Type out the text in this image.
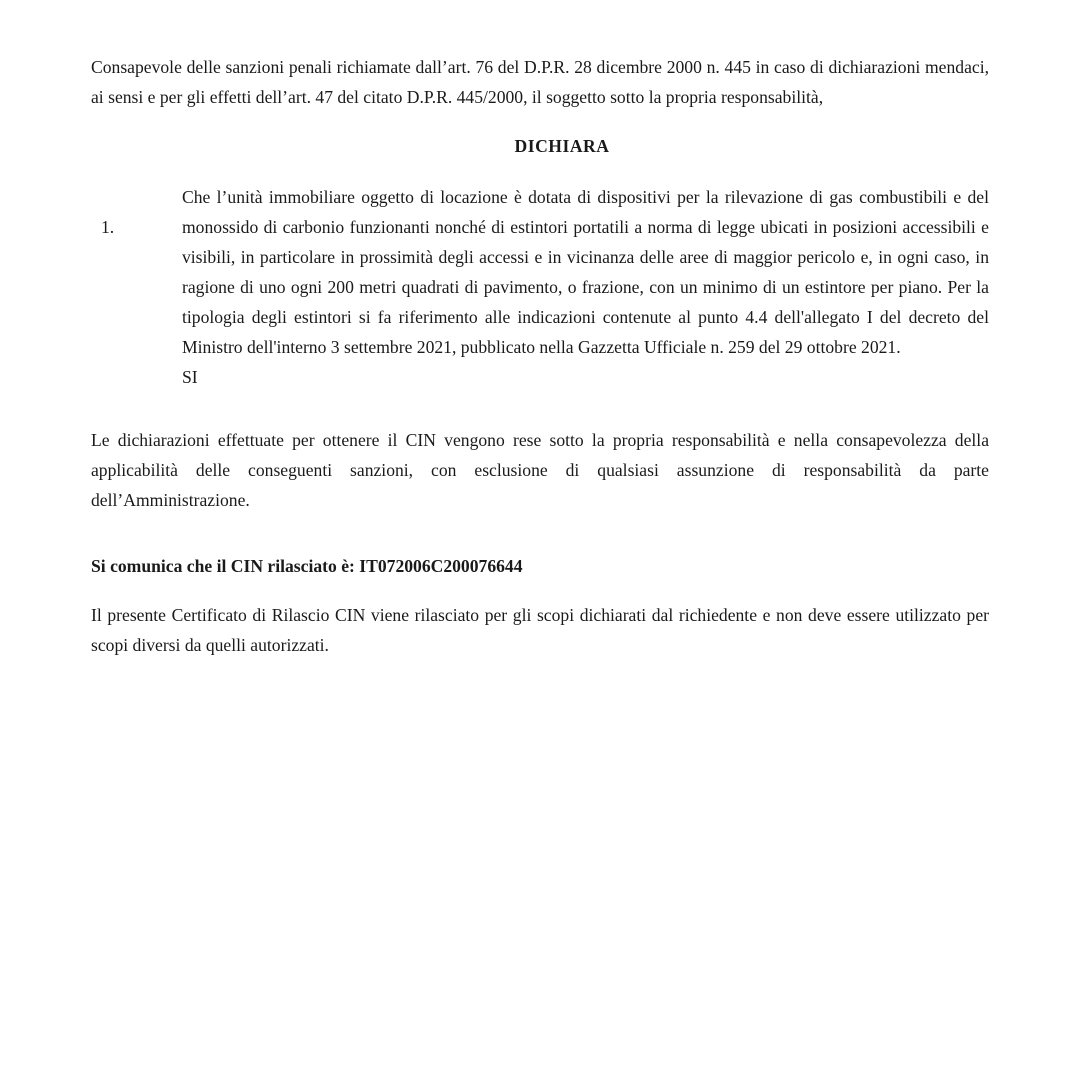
Consapevole delle sanzioni penali richiamate dall’art. 76 del D.P.R. 28 dicembre 2000 n. 445 in caso di dichiarazioni mendaci, ai sensi e per gli effetti dell’art. 47 del citato D.P.R. 445/2000, il soggetto sotto la propria responsabilità,

DICHIARA

1.

Che l’unità immobiliare oggetto di locazione è dotata di dispositivi per la rilevazione di gas combustibili e del monossido di carbonio funzionanti nonché di estintori portatili a norma di legge ubicati in posizioni accessibili e visibili, in particolare in prossimità degli accessi e in vicinanza delle aree di maggior pericolo e, in ogni caso, in ragione di uno ogni 200 metri quadrati di pavimento, o frazione, con un minimo di un estintore per piano. Per la tipologia degli estintori si fa riferimento alle indicazioni contenute al punto 4.4 dell'allegato I del decreto del Ministro dell'interno 3 settembre 2021, pubblicato nella Gazzetta Ufficiale n. 259 del 29 ottobre 2021.

SI

Le dichiarazioni effettuate per ottenere il CIN vengono rese sotto la propria responsabilità e nella consapevolezza della applicabilità delle conseguenti sanzioni, con esclusione di qualsiasi assunzione di responsabilità da parte dell’Amministrazione.

Si comunica che il CIN rilasciato è: IT072006C200076644

Il presente Certificato di Rilascio CIN viene rilasciato per gli scopi dichiarati dal richiedente e non deve essere utilizzato per scopi diversi da quelli autorizzati.
